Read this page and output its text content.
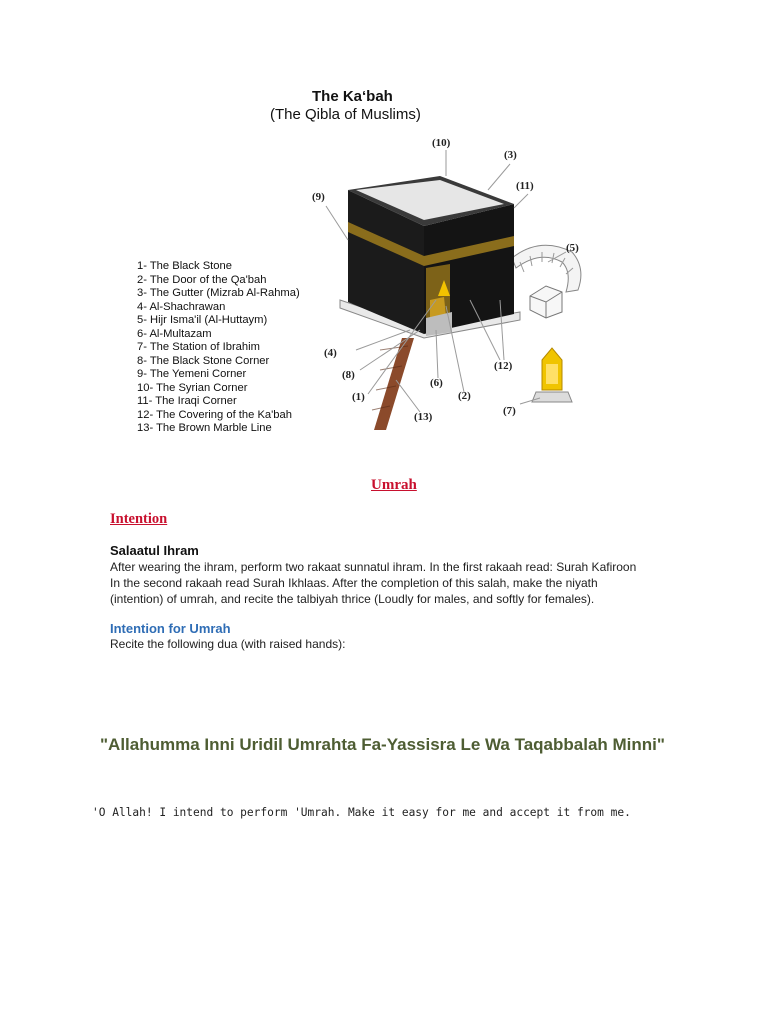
The Ka‘bah
(The Qibla of Muslims)
(10)
(3)
(11)
(9)
(5)
(4)
(8)
(1)
(6)
(2)
(12)
(7)
(13)
1- The Black Stone
2- The Door of the Qa'bah
3- The Gutter (Mizrab Al-Rahma)
4- Al-Shachrawan
5- Hijr Isma'il (Al-Huttaym)
6- Al-Multazam
7- The Station of Ibrahim
8- The Black Stone Corner
9- The Yemeni Corner
10- The Syrian Corner
11- The Iraqi Corner
12- The Covering of the Ka'bah
13- The Brown Marble Line
Umrah
Intention
Salaatul Ihram
After wearing the ihram, perform two rakaat sunnatul ihram. In the first rakaah read: Surah Kafiroon
In the second rakaah read Surah Ikhlaas. After the completion of this salah, make the niyath
(intention) of umrah, and recite the talbiyah thrice (Loudly for males, and softly for females).
Intention for Umrah
Recite the following dua (with raised hands):
"Allahumma Inni Uridil Umrahta Fa-Yassisra Le Wa Taqabbalah Minni"
'O Allah! I intend to perform 'Umrah. Make it easy for me and accept it from me.
